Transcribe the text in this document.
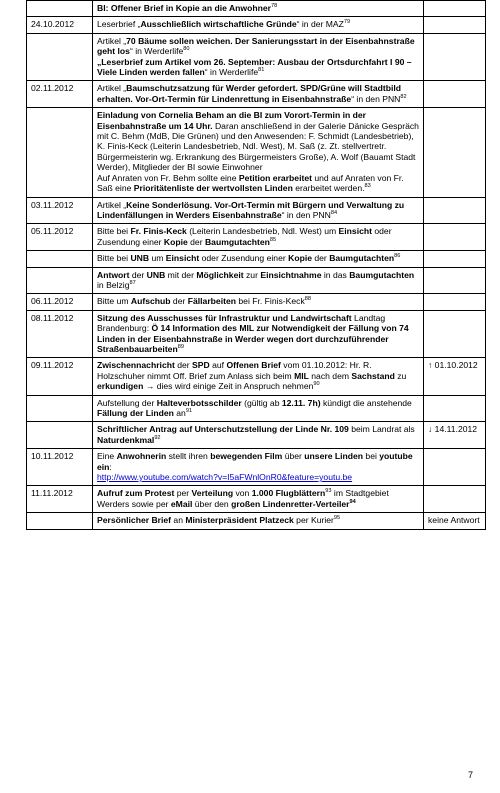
	BI: Offener Brief in Kopie an die Anwohner$^{78}$

24.10.2012	Leserbrief „Ausschließlich wirtschaftliche Gründe“ in der MAZ$^{79}$

	Artikel „70 Bäume sollen weichen. Der Sanierungsstart in der Eisenbahnstraße geht los“ in Werderlife$^{80}$
„Leserbrief zum Artikel vom 26. September: Ausbau der Ortsdurchfahrt I 90 – Viele Linden werden fallen“ in Werderlife$^{81}$

02.11.2012	Artikel „Baumschutzsatzung für Werder gefordert. SPD/Grüne will Stadtbild erhalten. Vor-Ort-Termin für Lindenrettung in Eisenbahnstraße“ in den PNN$^{82}$

	Einladung von Cornelia Beham an die BI zum Vorort-Termin in der Eisenbahnstraße um 14 Uhr. Daran anschließend in der Galerie Dänicke Gespräch mit C. Behm (MdB, Die Grünen) und den Anwesenden: F. Schmidt (Landesbetrieb), K. Finis-Keck (Leiterin Landesbetrieb, Ndl. West), M. Saß (z. Zt. stellvertretr. Bürgermeisterin wg. Erkrankung des Bürgermeisters Große), A. Wolf (Bauamt Stadt Werder), Mitglieder der BI sowie Einwohner
Auf Anraten von Fr. Behm sollte eine Petition erarbeitet und auf Anraten von Fr. Saß eine Prioritätenliste der wertvollsten Linden erarbeitet werden.$^{83}$

03.11.2012	Artikel „Keine Sonderlösung. Vor-Ort-Termin mit Bürgern und Verwaltung zu Lindenfällungen in Werders Eisenbahnstraße“ in den PNN$^{84}$

05.11.2012	Bitte bei Fr. Finis-Keck (Leiterin Landesbetrieb, Ndl. West) um Einsicht oder Zusendung einer Kopie der Baumgutachten$^{85}$

	Bitte bei UNB um Einsicht oder Zusendung einer Kopie der Baumgutachten$^{86}$

	Antwort der UNB mit der Möglichkeit zur Einsichtnahme in das Baumgutachten in Belzig$^{87}$

06.11.2012	Bitte um Aufschub der Fällarbeiten bei Fr. Finis-Keck$^{88}$

08.11.2012	Sitzung des Ausschusses für Infrastruktur und Landwirtschaft Landtag Brandenburg: Ö 14 Information des MIL zur Notwendigkeit der Fällung von 74 Linden in der Eisenbahnstraße in Werder wegen dort durchzuführender Straßenbauarbeiten$^{89}$

09.11.2012	Zwischennachricht der SPD auf Offenen Brief vom 01.10.2012: Hr. R. Holzschuher nimmt Off. Brief zum Anlass sich beim MIL nach dem Sachstand zu erkundigen → dies wird einige Zeit in Anspruch nehmen$^{90}$	↑ 01.10.2012

	Aufstellung der Halteverbotsschilder (gültig ab 12.11. 7h) kündigt die anstehende Fällung der Linden $an^{91}$

	Schriftlicher Antrag auf Unterschutzstellung der Linde Nr. 109 beim Landrat als Naturdenkmal$^{92}$	↓ 14.11.2012
10.11.2012	Eine Anwohnerin stellt ihren bewegenden Film über unsere Linden bei youtube ein:
http://www.youtube.com/watch?v=I5aFWnlOnR0&feature=youtu.be	

11.11.2012	Aufruf zum Protest per Verteilung von 1.000 Flugblättern$^{93}$ im Stadtgebiet Werders sowie per eMail über den großen Lindenretter-Verteiler$^{94}$

	Persönlicher Brief an Ministerpräsident Platzeck per Kurier$^{95}$	keine Antwort
7
